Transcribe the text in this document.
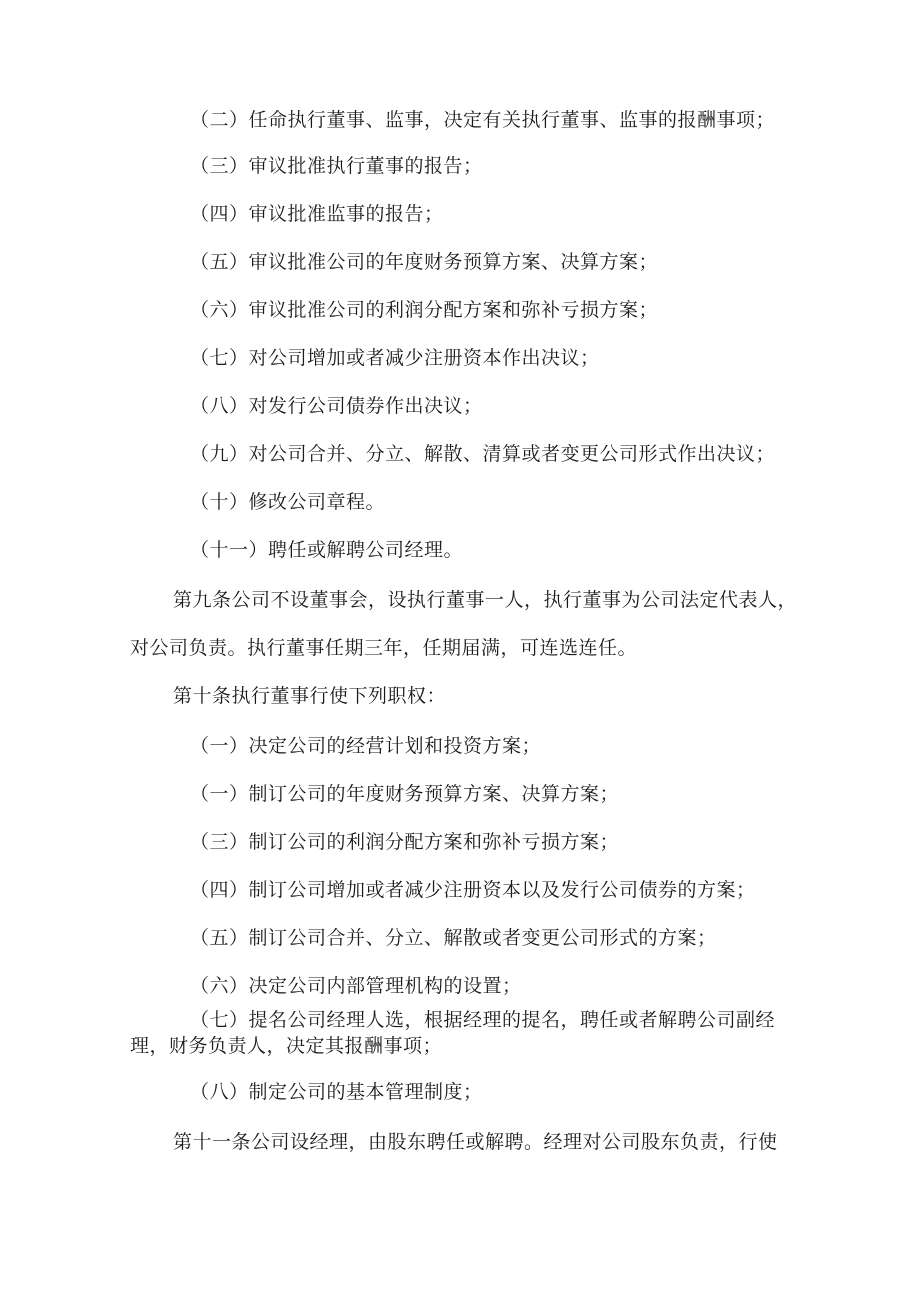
（二）任命执行董事、监事，决定有关执行董事、监事的报酬事项；
（三）审议批准执行董事的报告；
（四）审议批准监事的报告；
（五）审议批准公司的年度财务预算方案、决算方案；
（六）审议批准公司的利润分配方案和弥补亏损方案；
（七）对公司增加或者减少注册资本作出决议；
（八）对发行公司债券作出决议；
（九）对公司合并、分立、解散、清算或者变更公司形式作出决议；
（十）修改公司章程。
（十一）聘任或解聘公司经理。
第九条公司不设董事会，设执行董事一人，执行董事为公司法定代表人，
对公司负责。执行董事任期三年，任期届满，可连选连任。
第十条执行董事行使下列职权：
（一）决定公司的经营计划和投资方案；
（一）制订公司的年度财务预算方案、决算方案；
（三）制订公司的利润分配方案和弥补亏损方案；
（四）制订公司增加或者减少注册资本以及发行公司债券的方案；
（五）制订公司合并、分立、解散或者变更公司形式的方案；
（六）决定公司内部管理机构的设置；
（七）提名公司经理人选，根据经理的提名，聘任或者解聘公司副经
理，财务负责人，决定其报酬事项；
（八）制定公司的基本管理制度；
第十一条公司设经理，由股东聘任或解聘。经理对公司股东负责，行使
